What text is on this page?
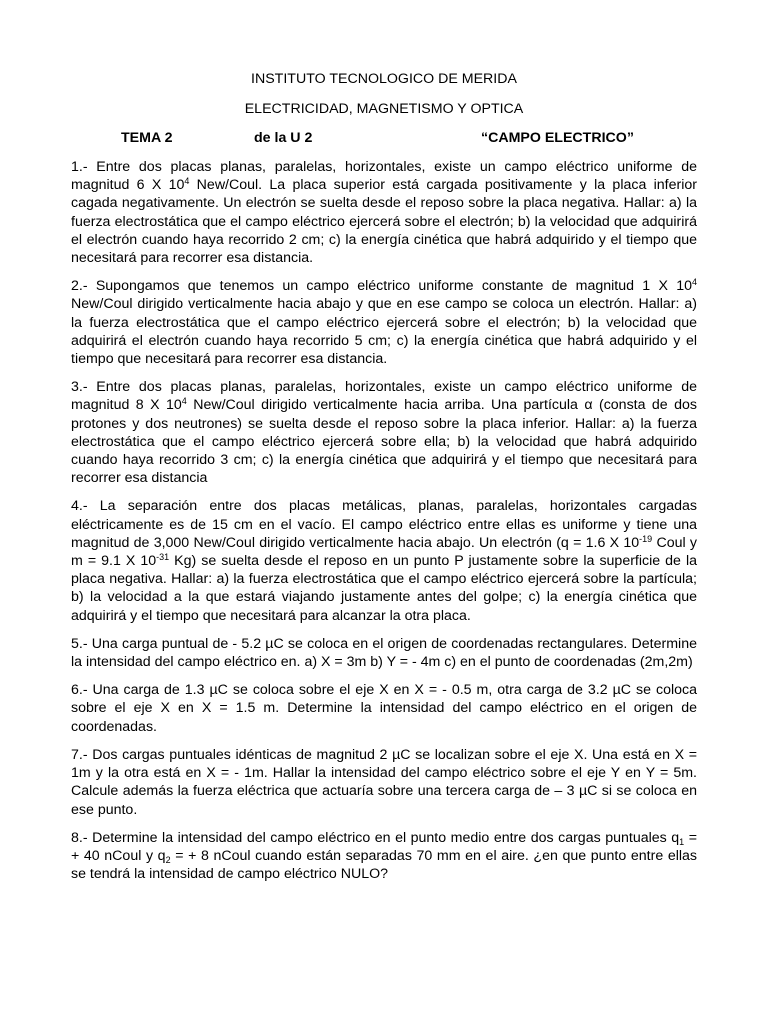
INSTITUTO TECNOLOGICO DE MERIDA
ELECTRICIDAD, MAGNETISMO Y OPTICA
TEMA 2	de la U 2	“CAMPO ELECTRICO”

1.- Entre dos placas planas, paralelas, horizontales, existe un campo eléctrico uniforme de magnitud 6 X $10^4$ New/Coul. La placa superior está cargada positivamente y la placa inferior cagada negativamente. Un electrón se suelta desde el reposo sobre la placa negativa. Hallar: a) la fuerza electrostática que el campo eléctrico ejercerá sobre el electrón; b) la velocidad que adquirirá el electrón cuando haya recorrido 2 cm; c) la energía cinética que habrá adquirido y el tiempo que necesitará para recorrer esa distancia.

2.- Supongamos que tenemos un campo eléctrico uniforme constante de magnitud 1 X $10^4$ New/Coul dirigido verticalmente hacia abajo y que en ese campo se coloca un electrón. Hallar: a) la fuerza electrostática que el campo eléctrico ejercerá sobre el electrón; b) la velocidad que adquirirá el electrón cuando haya recorrido 5 cm; c) la energía cinética que habrá adquirido y el tiempo que necesitará para recorrer esa distancia.

3.- Entre dos placas planas, paralelas, horizontales, existe un campo eléctrico uniforme de magnitud 8 X $10^4$ New/Coul dirigido verticalmente hacia arriba. Una partícula α (consta de dos protones y dos neutrones) se suelta desde el reposo sobre la placa inferior. Hallar: a) la fuerza electrostática que el campo eléctrico ejercerá sobre ella; b) la velocidad que habrá adquirido cuando haya recorrido 3 cm; c) la energía cinética que adquirirá y el tiempo que necesitará para recorrer esa distancia

4.- La separación entre dos placas metálicas, planas, paralelas, horizontales cargadas eléctricamente es de 15 cm en el vacío. El campo eléctrico entre ellas es uniforme y tiene una magnitud de 3,000 New/Coul dirigido verticalmente hacia abajo. Un electrón (q = 1.6 X $10^{-19}$ Coul y m = 9.1 X $10^{-31}$ Kg) se suelta desde el reposo en un punto P justamente sobre la superficie de la placa negativa. Hallar: a) la fuerza electrostática que el campo eléctrico ejercerá sobre la partícula; b) la velocidad a la que estará viajando justamente antes del golpe; c) la energía cinética que adquirirá y el tiempo que necesitará para alcanzar la otra placa.

5.- Una carga puntual de - 5.2 µC se coloca en el origen de coordenadas rectangulares. Determine la intensidad del campo eléctrico en. a) X = 3m b) Y = - 4m c) en el punto de coordenadas (2m,2m)

6.- Una carga de 1.3 µC se coloca sobre el eje X en X = - 0.5 m, otra carga de 3.2 µC se coloca sobre el eje X en X = 1.5 m. Determine la intensidad del campo eléctrico en el origen de coordenadas.

7.- Dos cargas puntuales idénticas de magnitud 2 µC se localizan sobre el eje X. Una está en X = 1m y la otra está en X = - 1m. Hallar la intensidad del campo eléctrico sobre el eje Y en Y = 5m. Calcule además la fuerza eléctrica que actuaría sobre una tercera carga de – 3 µC si se coloca en ese punto.

8.- Determine la intensidad del campo eléctrico en el punto medio entre dos cargas puntuales $q_1$ = + 40 nCoul y $q_2$ = + 8 nCoul cuando están separadas 70 mm en el aire. ¿en que punto entre ellas se tendrá la intensidad de campo eléctrico NULO?
